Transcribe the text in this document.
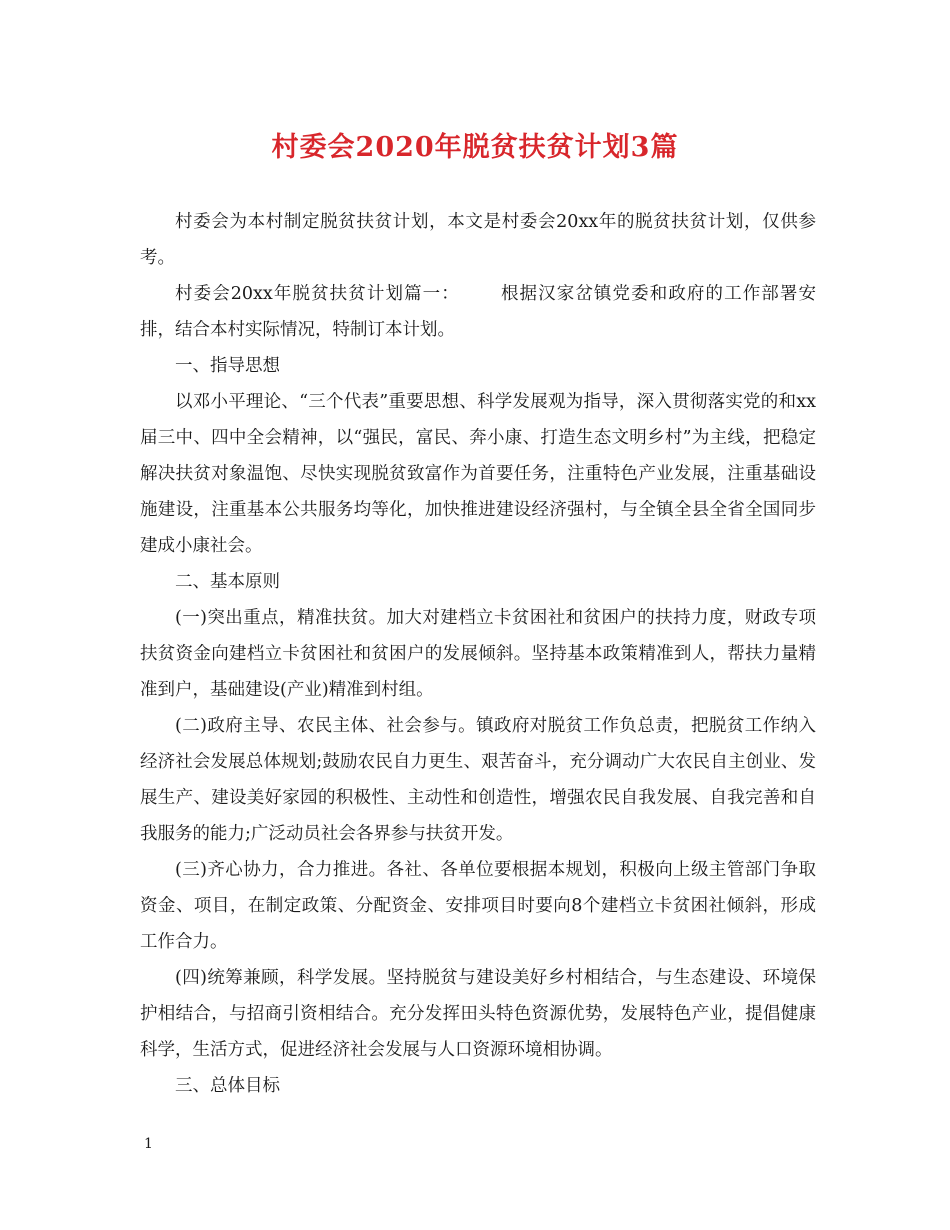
村委会2020年脱贫扶贫计划3篇

村委会为本村制定脱贫扶贫计划，本文是村委会20xx年的脱贫扶贫计划，仅供参考。

村委会20xx年脱贫扶贫计划篇一： 根据汉家岔镇党委和政府的工作部署安排，结合本村实际情况，特制订本计划。

一、指导思想

以邓小平理论、“三个代表”重要思想、科学发展观为指导，深入贯彻落实党的和xx届三中、四中全会精神，以“强民，富民、奔小康、打造生态文明乡村”为主线，把稳定解决扶贫对象温饱、尽快实现脱贫致富作为首要任务，注重特色产业发展，注重基础设施建设，注重基本公共服务均等化，加快推进建设经济强村，与全镇全县全省全国同步建成小康社会。

二、基本原则

(一)突出重点，精准扶贫。加大对建档立卡贫困社和贫困户的扶持力度，财政专项扶贫资金向建档立卡贫困社和贫困户的发展倾斜。坚持基本政策精准到人，帮扶力量精准到户，基础建设(产业)精准到村组。

(二)政府主导、农民主体、社会参与。镇政府对脱贫工作负总责，把脱贫工作纳入经济社会发展总体规划;鼓励农民自力更生、艰苦奋斗，充分调动广大农民自主创业、发展生产、建设美好家园的积极性、主动性和创造性，增强农民自我发展、自我完善和自我服务的能力;广泛动员社会各界参与扶贫开发。

(三)齐心协力，合力推进。各社、各单位要根据本规划，积极向上级主管部门争取资金、项目，在制定政策、分配资金、安排项目时要向8个建档立卡贫困社倾斜，形成工作合力。

(四)统筹兼顾，科学发展。坚持脱贫与建设美好乡村相结合，与生态建设、环境保护相结合，与招商引资相结合。充分发挥田头特色资源优势，发展特色产业，提倡健康科学，生活方式，促进经济社会发展与人口资源环境相协调。

三、总体目标

1
